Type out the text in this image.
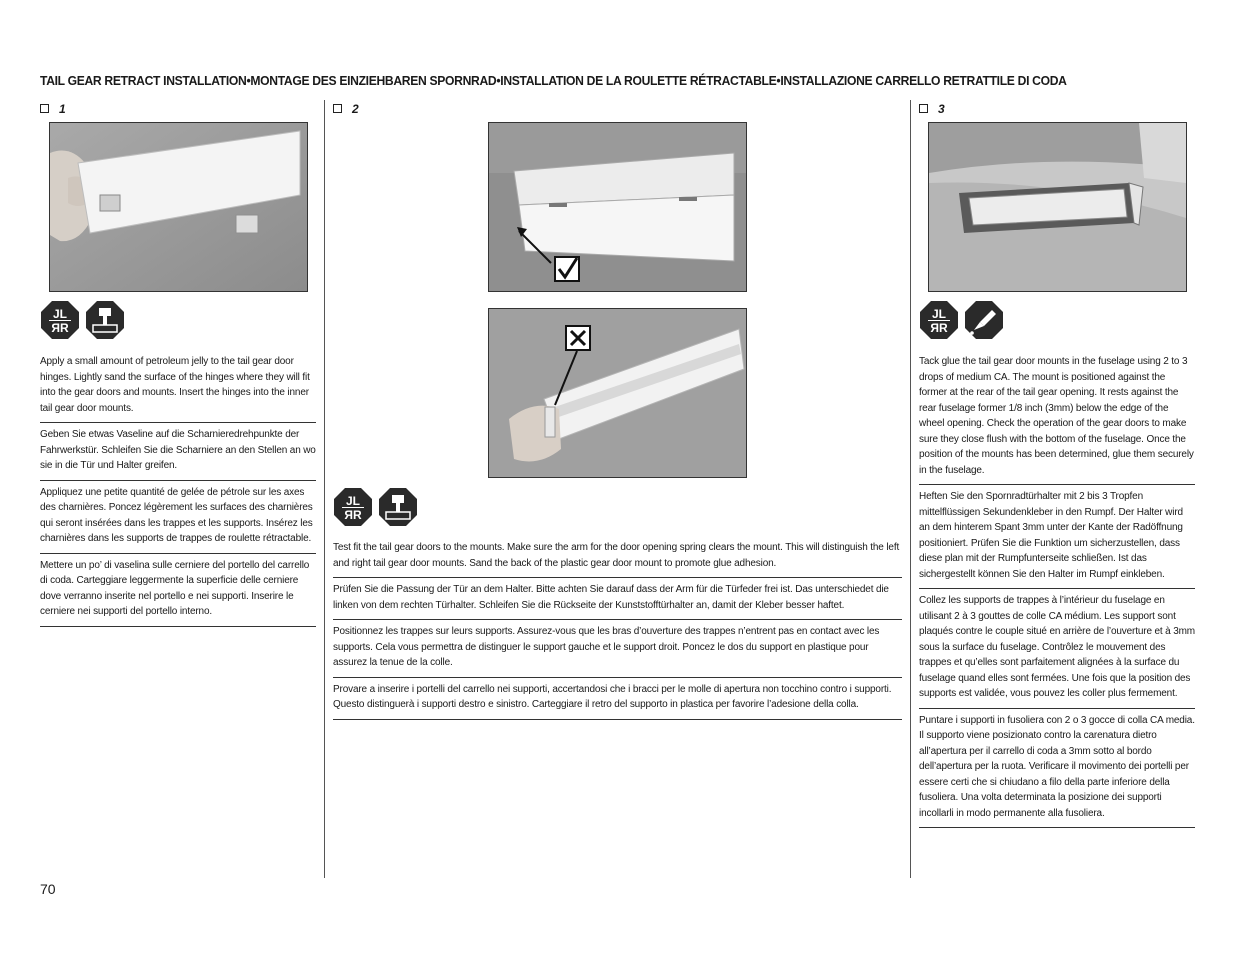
TAIL GEAR RETRACT INSTALLATION•MONTAGE DES EINZIEHBAREN SPORNRAD•INSTALLATION DE LA ROULETTE RÉTRACTABLE•INSTALLAZIONE CARRELLO RETRATTILE DI CODA
1	2	3
JL
ЯR
Apply a small amount of petroleum jelly to the tail gear door hinges. Lightly sand the surface of the hinges where they will fit into the gear doors and mounts. Insert the hinges into the inner tail gear door mounts.
Geben Sie etwas Vaseline auf die Scharnieredrehpunkte der Fahrwerkstür. Schleifen Sie die Scharniere an den Stellen an wo sie in die Tür und Halter greifen.
Appliquez une petite quantité de gelée de pétrole sur les axes des charnières. Poncez légèrement les surfaces des charnières qui seront insérées dans les trappes et les supports. Insérez les charnières dans les supports de trappes de roulette rétractable.
Mettere un po’ di vaselina sulle cerniere del portello del carrello di coda. Carteggiare leggermente la superficie delle cerniere dove verranno inserite nel portello e nei supporti. Inserire le cerniere nei supporti del portello interno.
JL
ЯR
Test fit the tail gear doors to the mounts. Make sure the arm for the door opening spring clears the mount. This will distinguish the left and right tail gear door mounts. Sand the back of the plastic gear door mount to promote glue adhesion.
Prüfen Sie die Passung der Tür an dem Halter. Bitte achten Sie darauf dass der Arm für die Türfeder frei ist. Das unterschiedet die linken von dem rechten Türhalter. Schleifen Sie die Rückseite der Kunststofftürhalter an, damit der Kleber besser haftet.
Positionnez les trappes sur leurs supports. Assurez-vous que les bras d’ouverture des trappes n’entrent pas en contact avec les supports. Cela vous permettra de distinguer le support gauche et le support droit. Poncez le dos du support en plastique pour assurez la tenue de la colle.
Provare a inserire i portelli del carrello nei supporti, accertandosi che i bracci per le molle di apertura non tocchino contro i supporti. Questo distinguerà i supporti destro e sinistro. Carteggiare il retro del supporto in plastica per favorire l’adesione della colla.
JL
ЯR
Tack glue the tail gear door mounts in the fuselage using 2 to 3 drops of medium CA. The mount is positioned against the former at the rear of the tail gear opening. It rests against the rear fuselage former 1/8 inch (3mm) below the edge of the wheel opening. Check the operation of the gear doors to make sure they close flush with the bottom of the fuselage. Once the position of the mounts has been determined, glue them securely in the fuselage.
Heften Sie den Spornradtürhalter mit 2 bis 3 Tropfen mittelflüssigen Sekundenkleber in den Rumpf. Der Halter wird an dem hinterem Spant 3mm unter der Kante der Radöffnung positioniert. Prüfen Sie die Funktion um sicherzustellen, dass diese plan mit der Rumpfunterseite schließen. Ist das sichergestellt können Sie den Halter im Rumpf einkleben.
Collez les supports de trappes à l’intérieur du fuselage en utilisant 2 à 3 gouttes de colle CA médium. Les support sont plaqués contre le couple situé en arrière de l’ouverture et à 3mm sous la surface du fuselage. Contrôlez le mouvement des trappes et qu’elles sont parfaitement alignées à la surface du fuselage quand elles sont fermées. Une fois que la position des supports est validée, vous pouvez les coller plus fermement.
Puntare i supporti in fusoliera con 2 o 3 gocce di colla CA media. Il supporto viene posizionato contro la carenatura dietro all’apertura per il carrello di coda a 3mm sotto al bordo dell’apertura per la ruota. Verificare il movimento dei portelli per essere certi che si chiudano a filo della parte inferiore della fusoliera. Una volta determinata la posizione dei supporti incollarli in modo permanente alla fusoliera.
70
